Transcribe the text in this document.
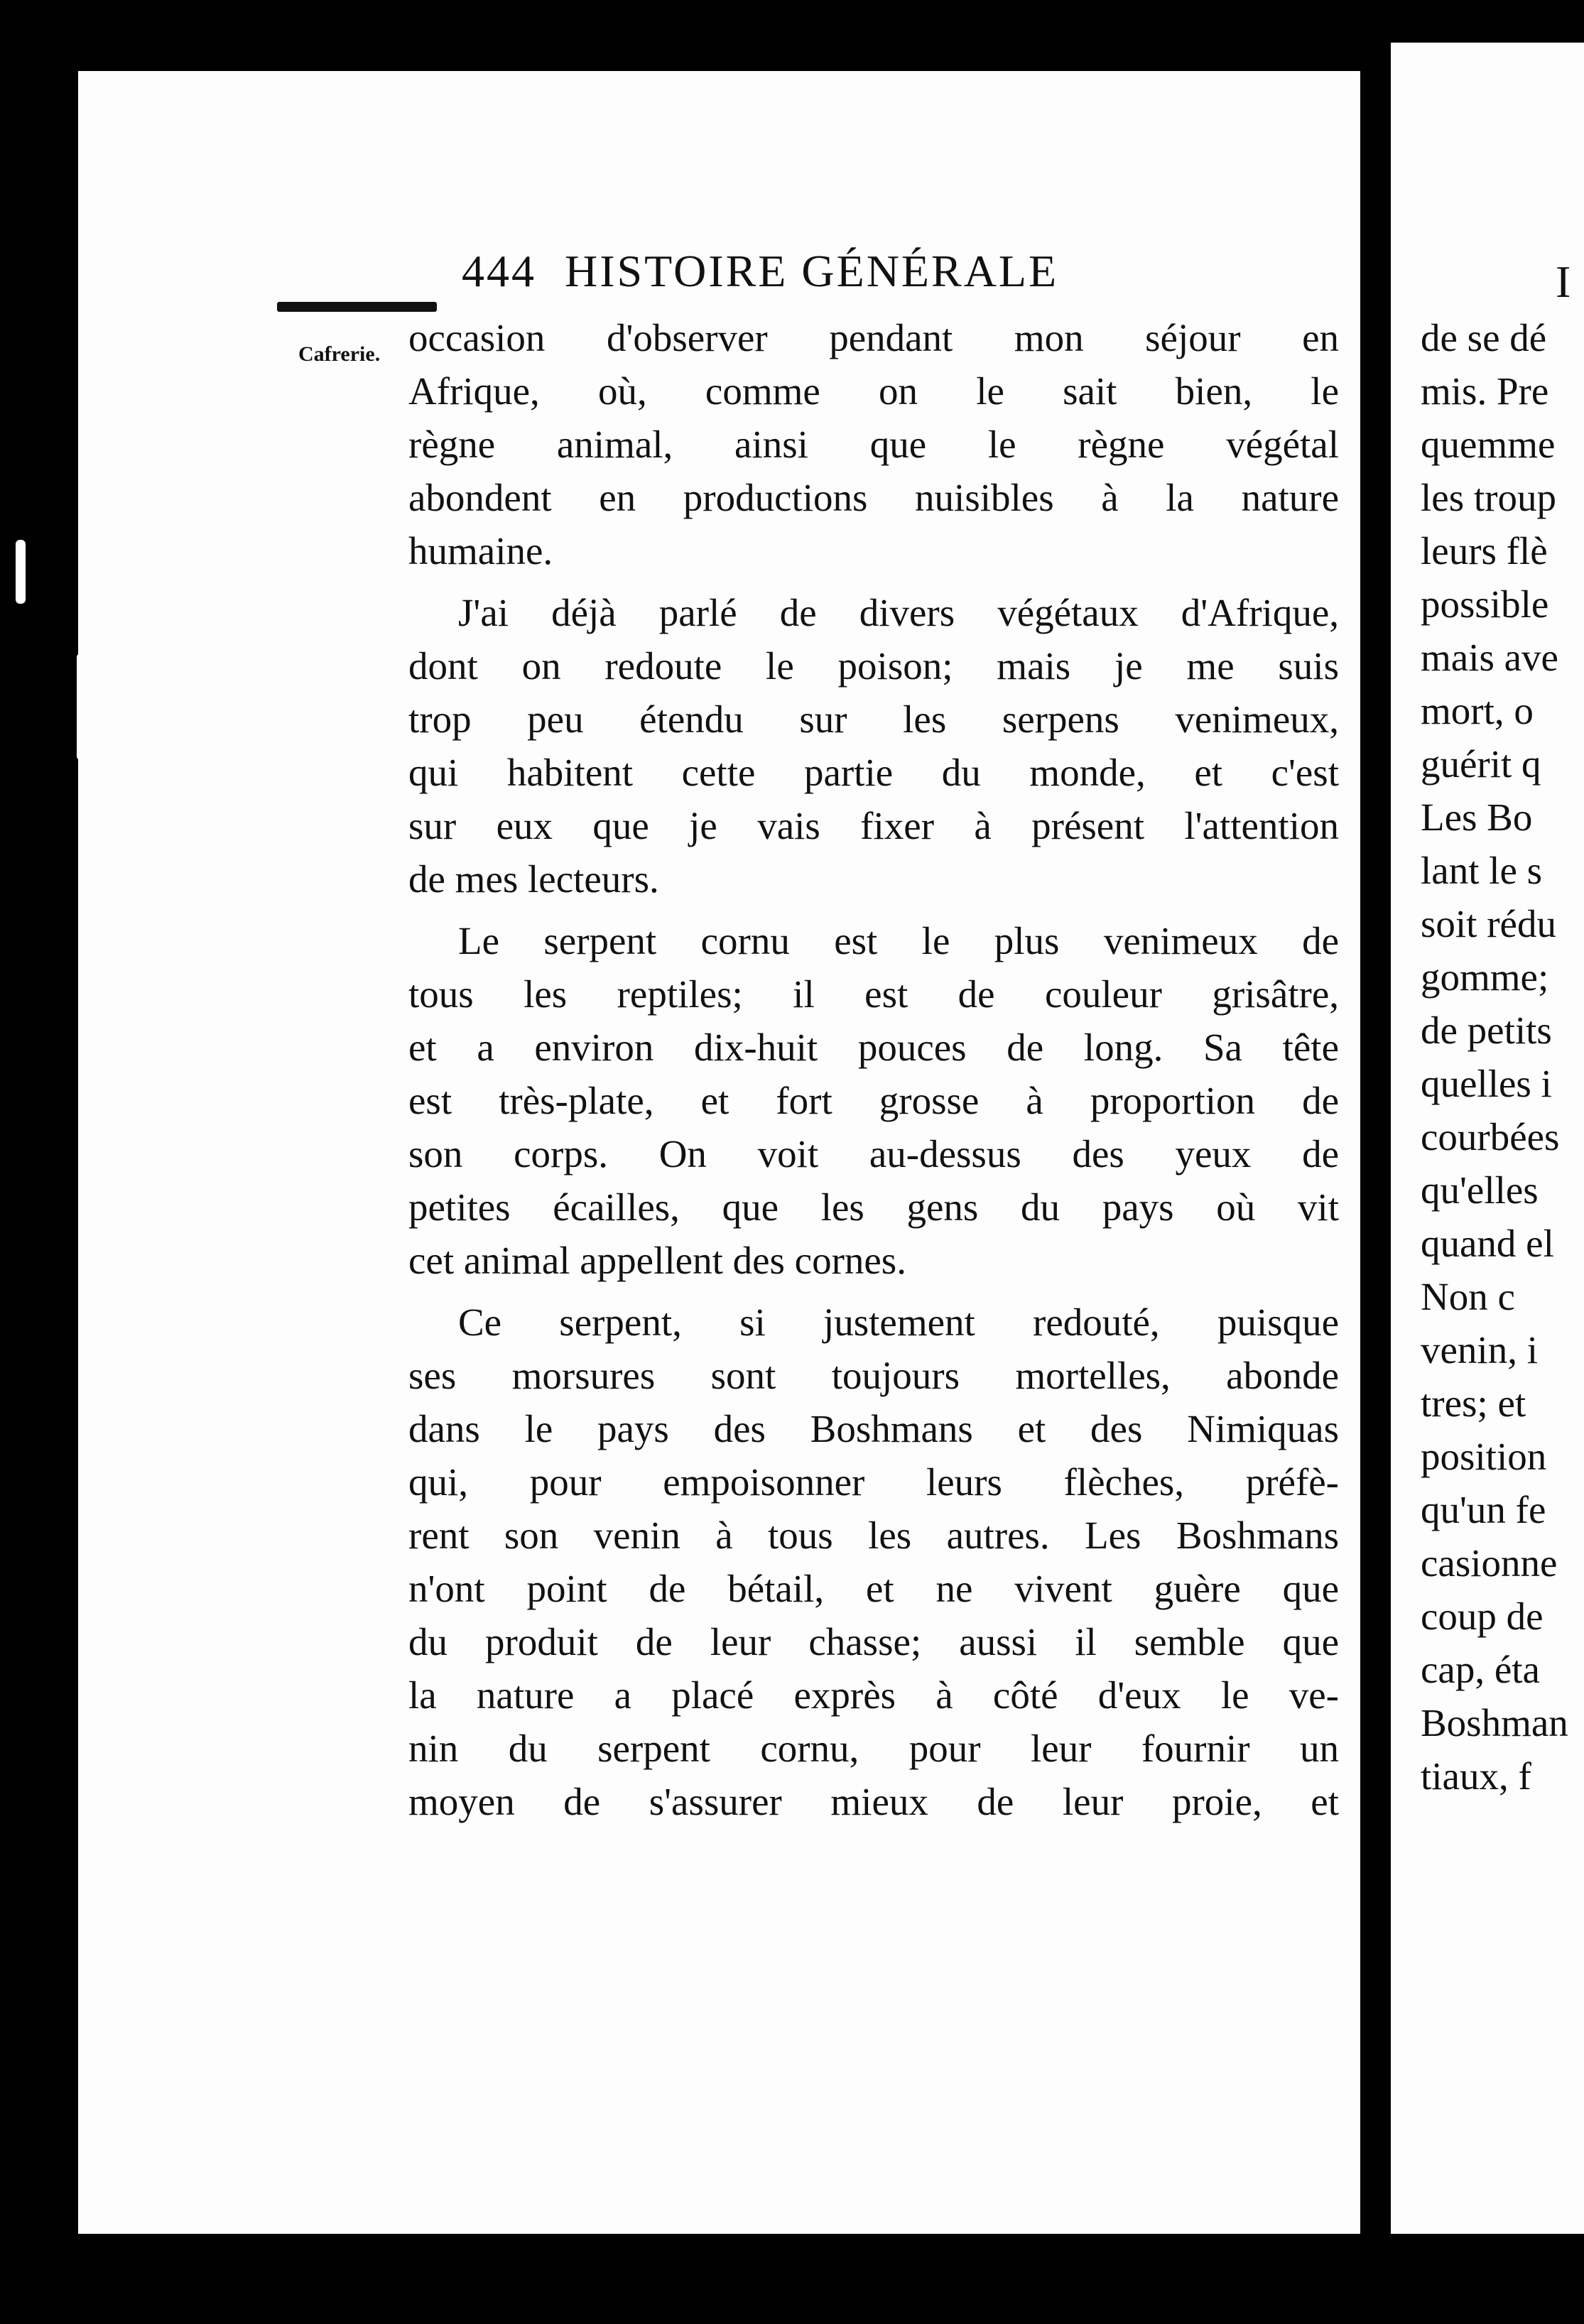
444 HISTOIRE GÉNÉRALE
Cafrerie. occasion d'observer pendant mon séjour en
Afrique, où, comme on le sait bien, le
règne animal, ainsi que le règne végétal
abondent en productions nuisibles à la nature
humaine.
J'ai déjà parlé de divers végétaux d'Afrique,
dont on redoute le poison; mais je me suis
trop peu étendu sur les serpens venimeux,
qui habitent cette partie du monde, et c'est
sur eux que je vais fixer à présent l'attention
de mes lecteurs.
Le serpent cornu est le plus venimeux de
tous les reptiles; il est de couleur grisâtre,
et a environ dix-huit pouces de long. Sa tête
est très-plate, et fort grosse à proportion de
son corps. On voit au-dessus des yeux de
petites écailles, que les gens du pays où vit
cet animal appellent des cornes.
Ce serpent, si justement redouté, puisque
ses morsures sont toujours mortelles, abonde
dans le pays des Boshmans et des Nimiquas
qui, pour empoisonner leurs flèches, préfè-
rent son venin à tous les autres. Les Boshmans
n'ont point de bétail, et ne vivent guère que
du produit de leur chasse; aussi il semble que
la nature a placé exprès à côté d'eux le ve-
nin du serpent cornu, pour leur fournir un
moyen de s'assurer mieux de leur proie, et
I
de se dé
mis. Pre
quemme
les troup
leurs flè
possible
mais ave
mort, o
guérit q
Les Bo
lant le s
soit rédu
gomme;
de petits
quelles i
courbées
qu'elles
quand el
Non c
venin, i
tres; et
position
qu'un fe
casionne
coup de
cap, éta
Boshman
tiaux, f
